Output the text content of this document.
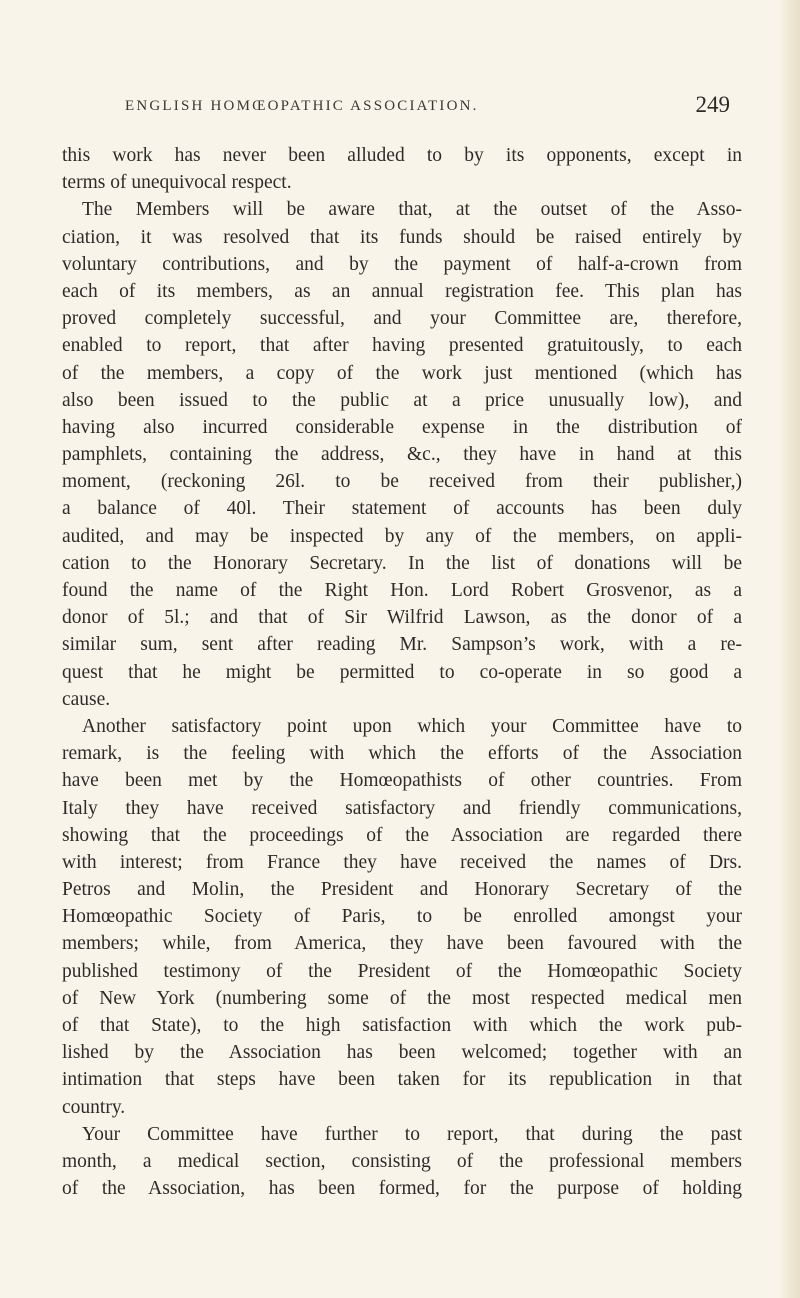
ENGLISH HOMŒOPATHIC ASSOCIATION.	249
this work has never been alluded to by its opponents, except in
terms of unequivocal respect.
The Members will be aware that, at the outset of the Asso-
ciation, it was resolved that its funds should be raised entirely by
voluntary contributions, and by the payment of half-a-crown from
each of its members, as an annual registration fee. This plan has
proved completely successful, and your Committee are, therefore,
enabled to report, that after having presented gratuitously, to each
of the members, a copy of the work just mentioned (which has
also been issued to the public at a price unusually low), and
having also incurred considerable expense in the distribution of
pamphlets, containing the address, &c., they have in hand at this
moment, (reckoning 26l. to be received from their publisher,)
a balance of 40l. Their statement of accounts has been duly
audited, and may be inspected by any of the members, on appli-
cation to the Honorary Secretary. In the list of donations will be
found the name of the Right Hon. Lord Robert Grosvenor, as a
donor of 5l.; and that of Sir Wilfrid Lawson, as the donor of a
similar sum, sent after reading Mr. Sampson’s work, with a re-
quest that he might be permitted to co-operate in so good a
cause.
Another satisfactory point upon which your Committee have to
remark, is the feeling with which the efforts of the Association
have been met by the Homœopathists of other countries. From
Italy they have received satisfactory and friendly communications,
showing that the proceedings of the Association are regarded there
with interest; from France they have received the names of Drs.
Petros and Molin, the President and Honorary Secretary of the
Homœopathic Society of Paris, to be enrolled amongst your
members; while, from America, they have been favoured with the
published testimony of the President of the Homœopathic Society
of New York (numbering some of the most respected medical men
of that State), to the high satisfaction with which the work pub-
lished by the Association has been welcomed; together with an
intimation that steps have been taken for its republication in that
country.
Your Committee have further to report, that during the past
month, a medical section, consisting of the professional members
of the Association, has been formed, for the purpose of holding
